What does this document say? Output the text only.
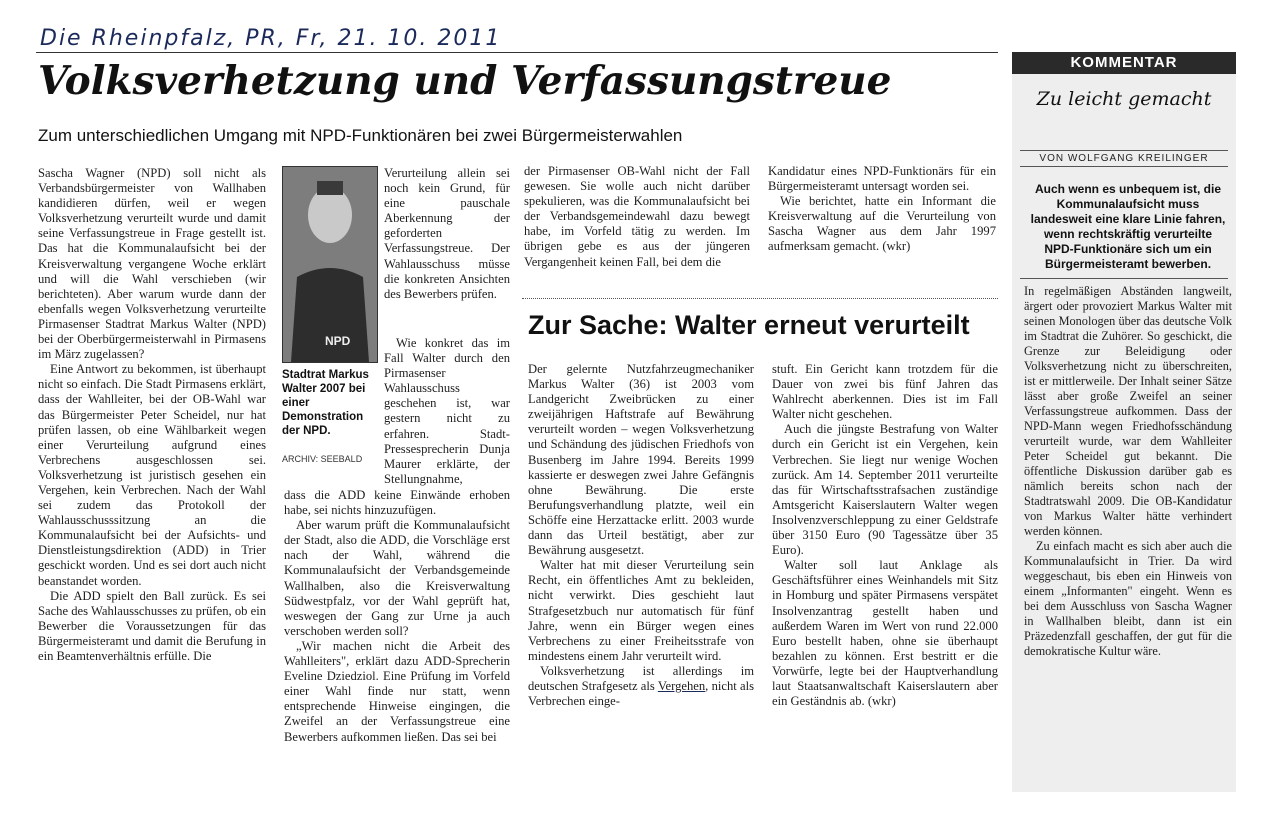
Die Rheinpfalz, PR, Fr, 21. 10. 2011
Volksverhetzung und Verfassungstreue
Zum unterschiedlichen Umgang mit NPD-Funktionären bei zwei Bürgermeisterwahlen

Sascha Wagner (NPD) soll nicht als Verbandsbürgermeister von Wallhaben kandidieren dürfen, weil er wegen Volksverhetzung verurteilt wurde und damit seine Verfassungstreue in Frage gestellt ist. Das hat die Kommunalaufsicht bei der Kreisverwaltung vergangene Woche erklärt und will die Wahl verschieben (wir berichteten). Aber warum wurde dann der ebenfalls wegen Volksverhetzung verurteilte Pirmasenser Stadtrat Markus Walter (NPD) bei der Oberbürgermeisterwahl in Pirmasens im März zugelassen?

Eine Antwort zu bekommen, ist überhaupt nicht so einfach. Die Stadt Pirmasens erklärt, dass der Wahlleiter, bei der OB-Wahl war das Bürgermeister Peter Scheidel, nur hat prüfen lassen, ob eine Wählbarkeit wegen einer Verurteilung aufgrund eines Verbrechens ausgeschlossen sei. Volksverhetzung ist juristisch gesehen ein Vergehen, kein Verbrechen. Nach der Wahl sei zudem das Protokoll der Wahlausschusssitzung an die Kommunalaufsicht bei der Aufsichts- und Dienstleistungsdirektion (ADD) in Trier geschickt worden. Und es sei dort auch nicht beanstandet worden.

Die ADD spielt den Ball zurück. Es sei Sache des Wahlausschusses zu prüfen, ob ein Bewerber die Voraussetzungen für das Bürgermeisteramt und damit die Berufung in ein Beamtenverhältnis erfülle. Die

NPD
Stadtrat Markus Walter 2007 bei einer Demonstration der NPD.
ARCHIV: SEEBALD

Verurteilung allein sei noch kein Grund, für eine pauschale Aberkennung der geforderten Verfassungstreue. Der Wahlausschuss müsse die konkreten Ansichten des Bewerbers prüfen.

Wie konkret das im Fall Walter durch den Pirmasenser Wahlausschuss geschehen ist, war gestern nicht zu erfahren. Stadt-Pressesprecherin Dunja Maurer erklärte, der Stellungnahme,

dass die ADD keine Einwände erhoben habe, sei nichts hinzuzufügen.

Aber warum prüft die Kommunalaufsicht der Stadt, also die ADD, die Vorschläge erst nach der Wahl, während die Kommunalaufsicht der Verbandsgemeinde Wallhalben, also die Kreisverwaltung Südwestpfalz, vor der Wahl geprüft hat, weswegen der Gang zur Urne ja auch verschoben werden soll?

„Wir machen nicht die Arbeit des Wahlleiters", erklärt dazu ADD-Sprecherin Eveline Dziedziol. Eine Prüfung im Vorfeld einer Wahl finde nur statt, wenn entsprechende Hinweise eingingen, die Zweifel an der Verfassungstreue eine Bewerbers aufkommen ließen. Das sei bei

der Pirmasenser OB-Wahl nicht der Fall gewesen. Sie wolle auch nicht darüber spekulieren, was die Kommunalaufsicht bei der Verbandsgemeindewahl dazu bewegt habe, im Vorfeld tätig zu werden. Im übrigen gebe es aus der jüngeren Vergangenheit keinen Fall, bei dem die

Kandidatur eines NPD-Funktionärs für ein Bürgermeisteramt untersagt worden sei.

Wie berichtet, hatte ein Informant die Kreisverwaltung auf die Verurteilung von Sascha Wagner aus dem Jahr 1997 aufmerksam gemacht. (wkr)

Zur Sache: Walter erneut verurteilt

Der gelernte Nutzfahrzeugmechaniker Markus Walter (36) ist 2003 vom Landgericht Zweibrücken zu einer zweijährigen Haftstrafe auf Bewährung verurteilt worden – wegen Volksverhetzung und Schändung des jüdischen Friedhofs von Busenberg im Jahre 1994. Bereits 1999 kassierte er deswegen zwei Jahre Gefängnis ohne Bewährung. Die erste Berufungsverhandlung platzte, weil ein Schöffe eine Herzattacke erlitt. 2003 wurde dann das Urteil bestätigt, aber zur Bewährung ausgesetzt.

Walter hat mit dieser Verurteilung sein Recht, ein öffentliches Amt zu bekleiden, nicht verwirkt. Dies geschieht laut Strafgesetzbuch nur automatisch für fünf Jahre, wenn ein Bürger wegen eines Verbrechens zu einer Freiheitsstrafe von mindestens einem Jahr verurteilt wird.

Volksverhetzung ist allerdings im deutschen Strafgesetz als Vergehen, nicht als Verbrechen einge-

stuft. Ein Gericht kann trotzdem für die Dauer von zwei bis fünf Jahren das Wahlrecht aberkennen. Dies ist im Fall Walter nicht geschehen.

Auch die jüngste Bestrafung von Walter durch ein Gericht ist ein Vergehen, kein Verbrechen. Sie liegt nur wenige Wochen zurück. Am 14. September 2011 verurteilte das für Wirtschaftsstrafsachen zuständige Amtsgericht Kaiserslautern Walter wegen Insolvenzverschleppung zu einer Geldstrafe über 3150 Euro (90 Tagessätze über 35 Euro).

Walter soll laut Anklage als Geschäftsführer eines Weinhandels mit Sitz in Homburg und später Pirmasens verspätet Insolvenzantrag gestellt haben und außerdem Waren im Wert von rund 22.000 Euro bestellt haben, ohne sie überhaupt bezahlen zu können. Erst bestritt er die Vorwürfe, legte bei der Hauptverhandlung laut Staatsanwaltschaft Kaiserslautern aber ein Geständnis ab. (wkr)

KOMMENTAR
Zu leicht gemacht
VON WOLFGANG KREILINGER
Auch wenn es unbequem ist, die Kommunalaufsicht muss landesweit eine klare Linie fahren, wenn rechtskräftig verurteilte NPD-Funktionäre sich um ein Bürgermeisteramt bewerben.

In regelmäßigen Abständen langweilt, ärgert oder provoziert Markus Walter mit seinen Monologen über das deutsche Volk im Stadtrat die Zuhörer. So geschickt, die Grenze zur Beleidigung oder Volksverhetzung nicht zu überschreiten, ist er mittlerweile. Der Inhalt seiner Sätze lässt aber große Zweifel an seiner Verfassungstreue aufkommen. Dass der NPD-Mann wegen Friedhofsschändung verurteilt wurde, war dem Wahlleiter Peter Scheidel gut bekannt. Die öffentliche Diskussion darüber gab es nämlich bereits schon nach der Stadtratswahl 2009. Die OB-Kandidatur von Markus Walter hätte verhindert werden können.

Zu einfach macht es sich aber auch die Kommunalaufsicht in Trier. Da wird weggeschaut, bis eben ein Hinweis von einem „Informanten" eingeht. Wenn es bei dem Ausschluss von Sascha Wagner in Wallhalben bleibt, dann ist ein Präzedenzfall geschaffen, der gut für die demokratische Kultur wäre.
